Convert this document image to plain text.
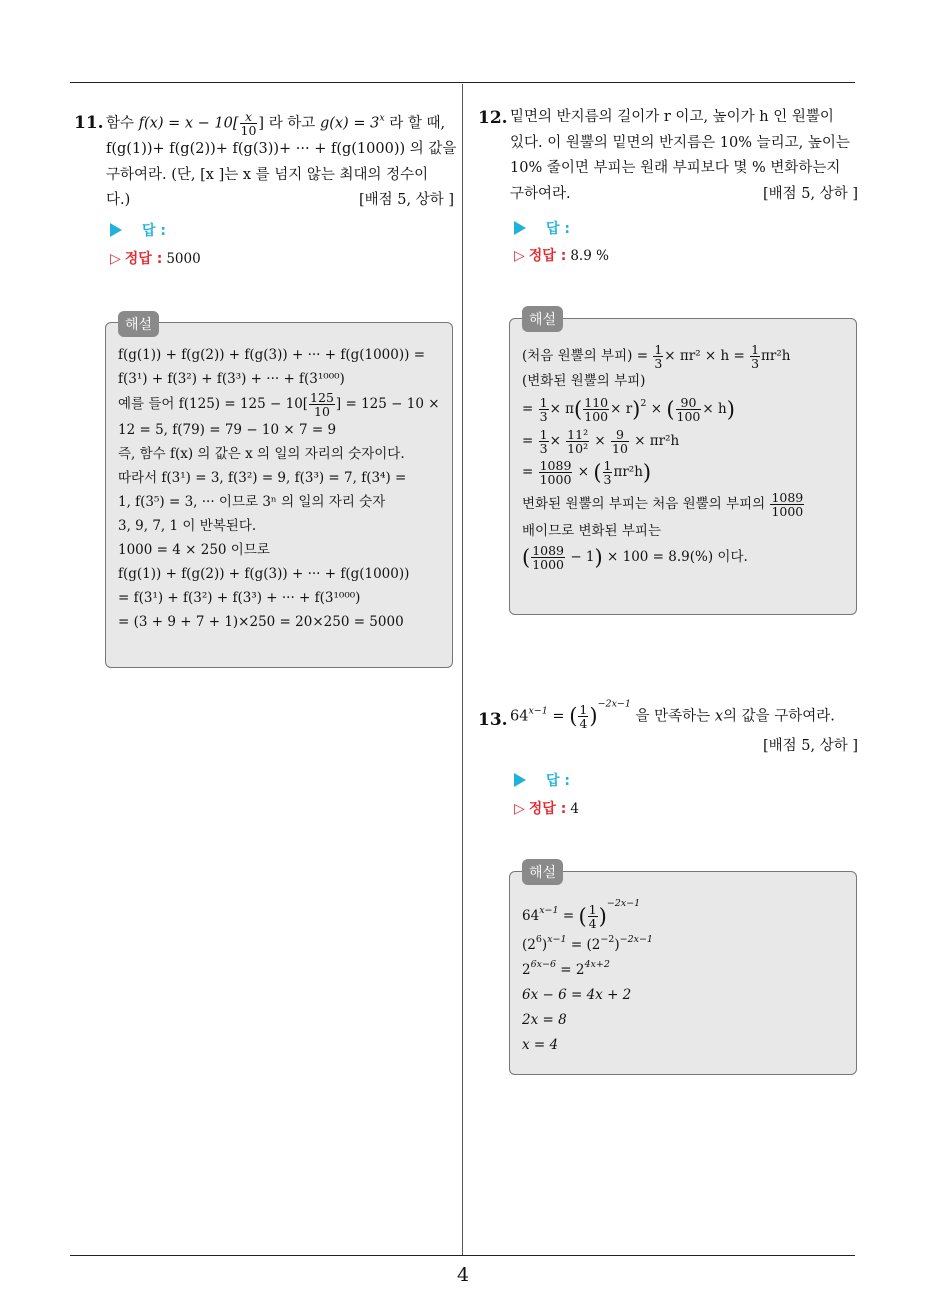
4
11. 함수 $f(x) = x - 10[ \frac{x}{10}$ ] 라 하고 $g(x) = 3^x$ 라 할 때,
f(g(1))+ f(g(2))+ f(g(3))+ ··· + f(g(1000)) 의 값을
구하여라. (단, [x ]는 x 를 넘지 않는 최대의 정수이
다.)	[배점 5, 상하 ]
답 :
▷ 정답 : 5000
f(g(1)) + f(g(2)) + f(g(3)) + ··· + f(g(1000)) =
f(3¹) + f(3²) + f(3³) + ··· + f(3¹⁰⁰⁰)
예를 들어 $f(125) = 125 - 10[ \frac{125}{10}$ ] = 125 − 10 ×
12 = 5, f(79) = 79 − 10 × 7 = 9
즉, 함수 f(x) 의 값은 x 의 일의 자리의 숫자이다.
따라서 f(3¹) = 3, f(3²) = 9, f(3³) = 7, f(3⁴) =
1, f(3⁵) = 3, ··· 이므로 3ⁿ 의 일의 자리 숫자
3, 9, 7, 1 이 반복된다.
1000 = 4 × 250 이므로
f(g(1)) + f(g(2)) + f(g(3)) + ··· + f(g(1000))
= f(3¹) + f(3²) + f(3³) + ··· + f(3¹⁰⁰⁰)
= (3 + 9 + 7 + 1)×250 = 20×250 = 5000
해설
12. 밑면의 반지름의 길이가 r 이고, 높이가 h 인 원뿔이
있다. 이 원뿔의 밑면의 반지름은 10% 늘리고, 높이는
10% 줄이면 부피는 원래 부피보다 몇 % 변화하는지
구하여라.	[배점 5, 상하 ]
답 :
▷ 정답 : 8.9 %
(처음 원뿔의 부피) = $\frac{1}{3} \times \pi r^2 \times h = \frac{1}{3} \pi r^2h$
(변화된 원뿔의 부피)
= $\frac{1}{3} \times \pi( \frac{110}{100} \times r)^2$ × ( $\frac{90}{100} \times h$)
= $\frac{1}{3} \times \frac{\text{11²}}{\text{10²}} \times \frac{9}{10} \times \pi r^2h$
= $\frac{1089}{1000}$ × ( $\frac{1}{3} \pi r^2h$)
변화된 원뿔의 부피는 처음 원뿔의 부피의 $\frac{1089}{1000}$
배이므로 변화된 부피는
( $\frac{1089}{1000} - 1) \times 100 = 8.9(\%)$ 이다.
해설
13. $64^{x-1}$ = ( $\frac{1}{4} )^{-2x-1}$ 을 만족하는 x의 값을 구하여라.
[배점 5, 상하 ]
답 :
▷ 정답 : 4
$64^{x-1}$ = ( $\frac{1}{4} )^{-2x-1}$
$(2^6)^{x-1} = (2^{-2})^{-2x-1}$
$2^{6x-6} = 2^{4x+2}$
6x − 6 = 4x + 2
2x = 8
x = 4
해설
